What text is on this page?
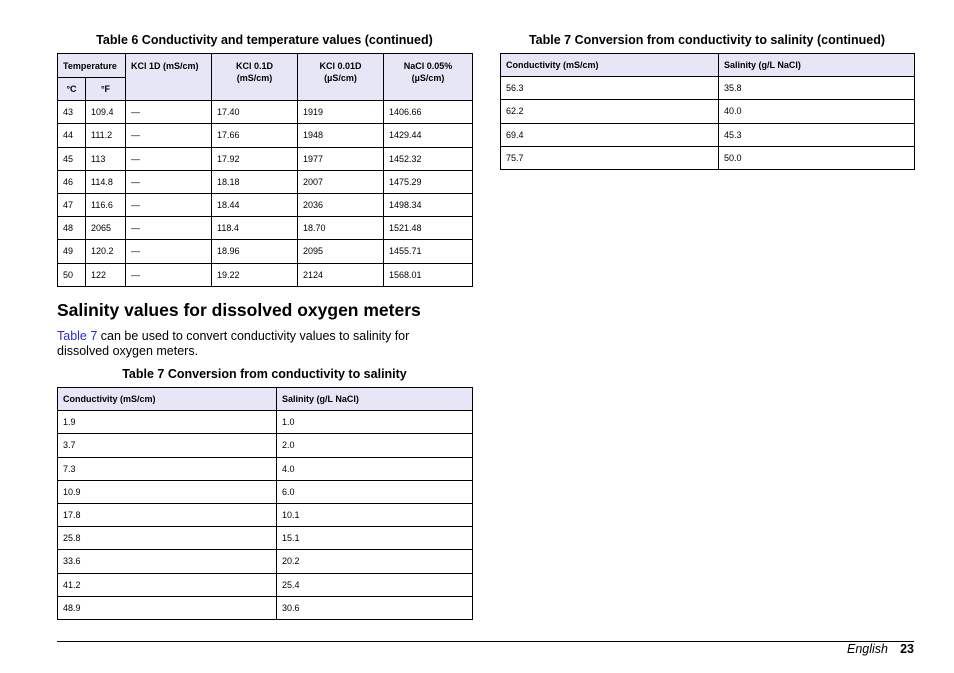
Table 6 Conductivity and temperature values (continued)
Temperature		KCl 1D (mS/cm)	KCl 0.1D (mS/cm)	KCl 0.01D (µS/cm)	NaCl 0.05% (µS/cm)
°C	°F				
43	109.4	—	17.40	1919	1406.66
44	111.2	—	17.66	1948	1429.44
45	113	—	17.92	1977	1452.32
46	114.8	—	18.18	2007	1475.29
47	116.6	—	18.44	2036	1498.34
48	2065	—	118.4	18.70	1521.48
49	120.2	—	18.96	2095	1455.71
50	122	—	19.22	2124	1568.01
Table 7 Conversion from conductivity to salinity (continued)
Conductivity (mS/cm)	Salinity (g/L NaCl)
56.3	35.8
62.2	40.0
69.4	45.3
75.7	50.0
Salinity values for dissolved oxygen meters

Table 7 can be used to convert conductivity values to salinity for dissolved oxygen meters.

Table 7 Conversion from conductivity to salinity
Conductivity (mS/cm)	Salinity (g/L NaCl)
1.9	1.0
3.7	2.0
7.3	4.0
10.9	6.0
17.8	10.1
25.8	15.1
33.6	20.2
41.2	25.4
48.9	30.6
English 23
